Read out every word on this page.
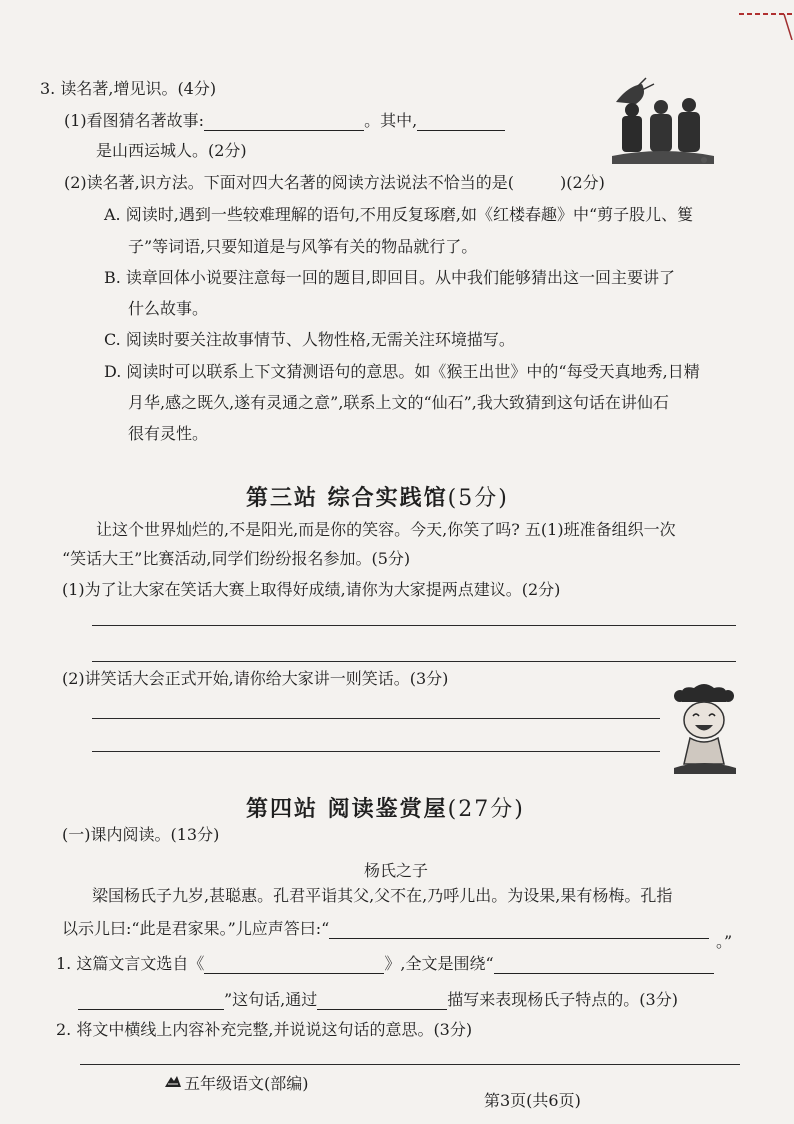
3. 读名著,增见识。(4分)
(1)看图猜名著故事:	。其中,
是山西运城人。(2分)
(2)读名著,识方法。下面对四大名著的阅读方法说法不恰当的是(	)(2分)
A. 阅读时,遇到一些较难理解的语句,不用反复琢磨,如《红楼春趣》中“剪子股儿、篗
子”等词语,只要知道是与风筝有关的物品就行了。
B. 读章回体小说要注意每一回的题目,即回目。从中我们能够猜出这一回主要讲了
什么故事。
C. 阅读时要关注故事情节、人物性格,无需关注环境描写。
D. 阅读时可以联系上下文猜测语句的意思。如《猴王出世》中的“每受天真地秀,日精
月华,感之既久,遂有灵通之意”,联系上文的“仙石”,我大致猜到这句话在讲仙石
很有灵性。
第三站 综合实践馆(5分)
让这个世界灿烂的,不是阳光,而是你的笑容。今天,你笑了吗? 五(1)班准备组织一次
“笑话大王”比赛活动,同学们纷纷报名参加。(5分)
(1)为了让大家在笑话大赛上取得好成绩,请你为大家提两点建议。(2分)
(2)讲笑话大会正式开始,请你给大家讲一则笑话。(3分)
第四站 阅读鉴赏屋(27分)
(一)课内阅读。(13分)
杨氏之子
梁国杨氏子九岁,甚聪惠。孔君平诣其父,父不在,乃呼儿出。为设果,果有杨梅。孔指
以示儿曰:“此是君家果。”儿应声答曰:“
。”
1. 这篇文言文选自《	》,全文是围绕“
”这句话,通过	描写来表现杨氏子特点的。(3分)
2. 将文中横线上内容补充完整,并说说这句话的意思。(3分)
五年级语文(部编)
第3页(共6页)
